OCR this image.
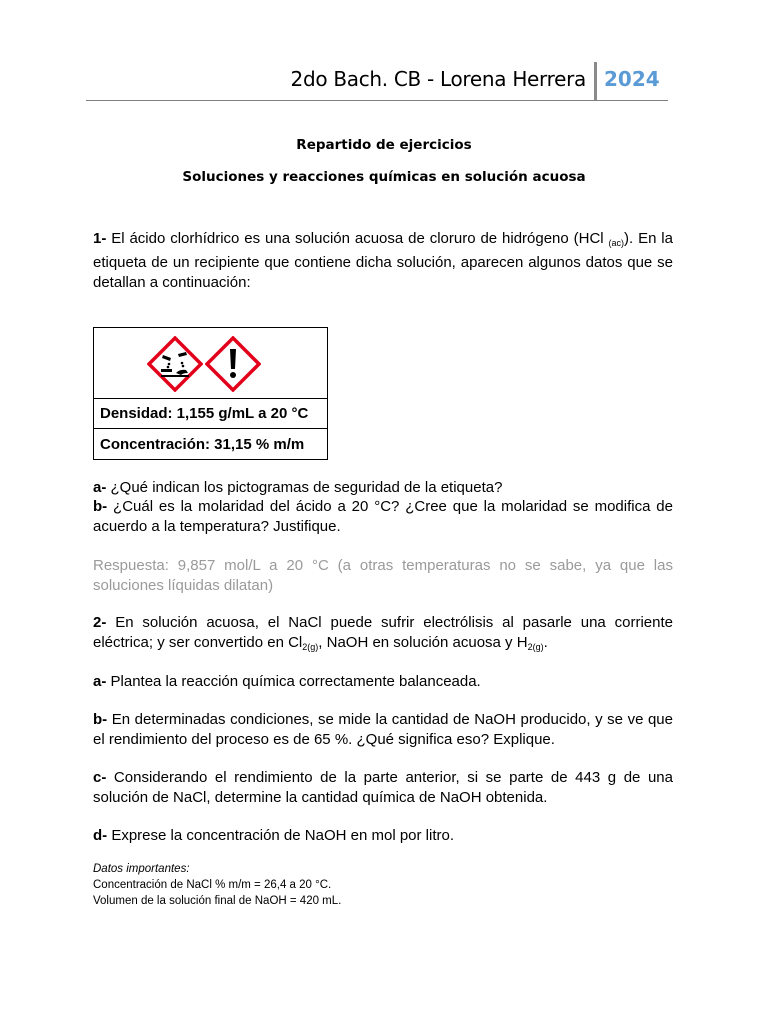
2do Bach. CB - Lorena Herrera 2024
Repartido de ejercicios
Soluciones y reacciones químicas en solución acuosa
1- El ácido clorhídrico es una solución acuosa de cloruro de hidrógeno (HCl $_{(ac)}$). En la etiqueta de un recipiente que contiene dicha solución, aparecen algunos datos que se detallan a continuación:
Densidad: 1,155 g/mL a 20 °C
Concentración: 31,15 % m/m
a- ¿Qué indican los pictogramas de seguridad de la etiqueta?
b- ¿Cuál es la molaridad del ácido a 20 °C? ¿Cree que la molaridad se modifica de acuerdo a la temperatura? Justifique.
Respuesta: 9,857 mol/L a 20 °C (a otras temperaturas no se sabe, ya que las soluciones líquidas dilatan)
2- En solución acuosa, el NaCl puede sufrir electrólisis al pasarle una corriente eléctrica; y ser convertido en $Cl_{2(g)}$, NaOH en solución acuosa y $H_{2(g)}$.
a- Plantea la reacción química correctamente balanceada.
b- En determinadas condiciones, se mide la cantidad de NaOH producido, y se ve que el rendimiento del proceso es de 65 %. ¿Qué significa eso? Explique.
c- Considerando el rendimiento de la parte anterior, si se parte de 443 g de una solución de NaCl, determine la cantidad química de NaOH obtenida.
d- Exprese la concentración de NaOH en mol por litro.
Datos importantes:
Concentración de NaCl % m/m = 26,4 a 20 °C.
Volumen de la solución final de NaOH = 420 mL.
